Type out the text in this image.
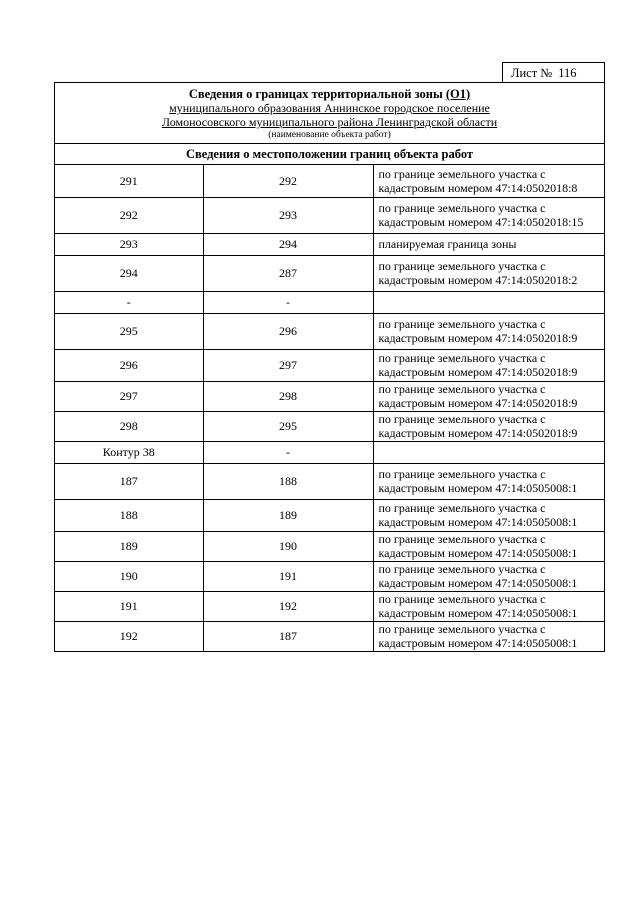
Лист № 116
Сведения о границах территориальной зоны (О1)
муниципального образования Аннинское городское поселение
Ломоносовского муниципального района Ленинградской области
(наименование объекта работ)
Сведения о местоположении границ объекта работ
291	292	по границе земельного участка с
кадастровым номером 47:14:0502018:8

292	293	по границе земельного участка с
кадастровым номером 47:14:0502018:15

293	294	планируемая граница зоны

294	287	по границе земельного участка с
кадастровым номером 47:14:0502018:2

-	-	

295	296	по границе земельного участка с
кадастровым номером 47:14:0502018:9

296	297	по границе земельного участка с
кадастровым номером 47:14:0502018:9

297	298	по границе земельного участка с
кадастровым номером 47:14:0502018:9

298	295	по границе земельного участка с
кадастровым номером 47:14:0502018:9

Контур 38	-	

187	188	по границе земельного участка с
кадастровым номером 47:14:0505008:1

188	189	по границе земельного участка с
кадастровым номером 47:14:0505008:1

189	190	по границе земельного участка с
кадастровым номером 47:14:0505008:1

190	191	по границе земельного участка с
кадастровым номером 47:14:0505008:1

191	192	по границе земельного участка с
кадастровым номером 47:14:0505008:1

192	187	по границе земельного участка с
кадастровым номером 47:14:0505008:1
